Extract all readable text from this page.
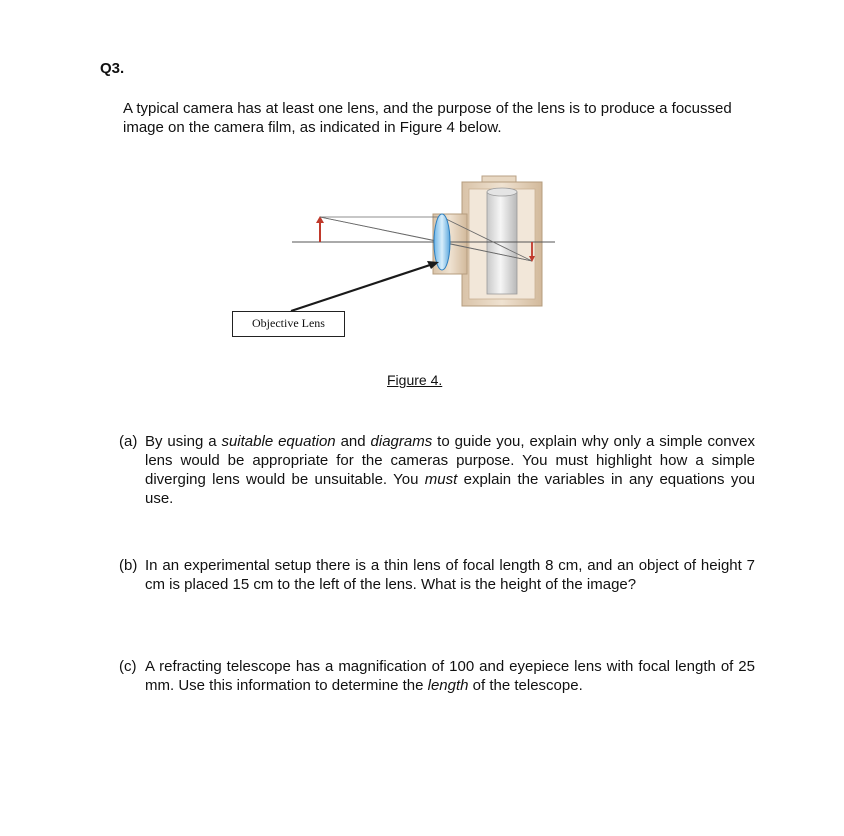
Q3.
A typical camera has at least one lens, and the purpose of the lens is to produce a focussed image on the camera film, as indicated in Figure 4 below.
Objective Lens
Figure 4.
(a) By using a suitable equation and diagrams to guide you, explain why only a simple convex lens would be appropriate for the cameras purpose. You must highlight how a simple diverging lens would be unsuitable. You must explain the variables in any equations you use.
(b) In an experimental setup there is a thin lens of focal length 8 cm, and an object of height 7 cm is placed 15 cm to the left of the lens. What is the height of the image?
(c) A refracting telescope has a magnification of 100 and eyepiece lens with focal length of 25 mm. Use this information to determine the length of the telescope.
